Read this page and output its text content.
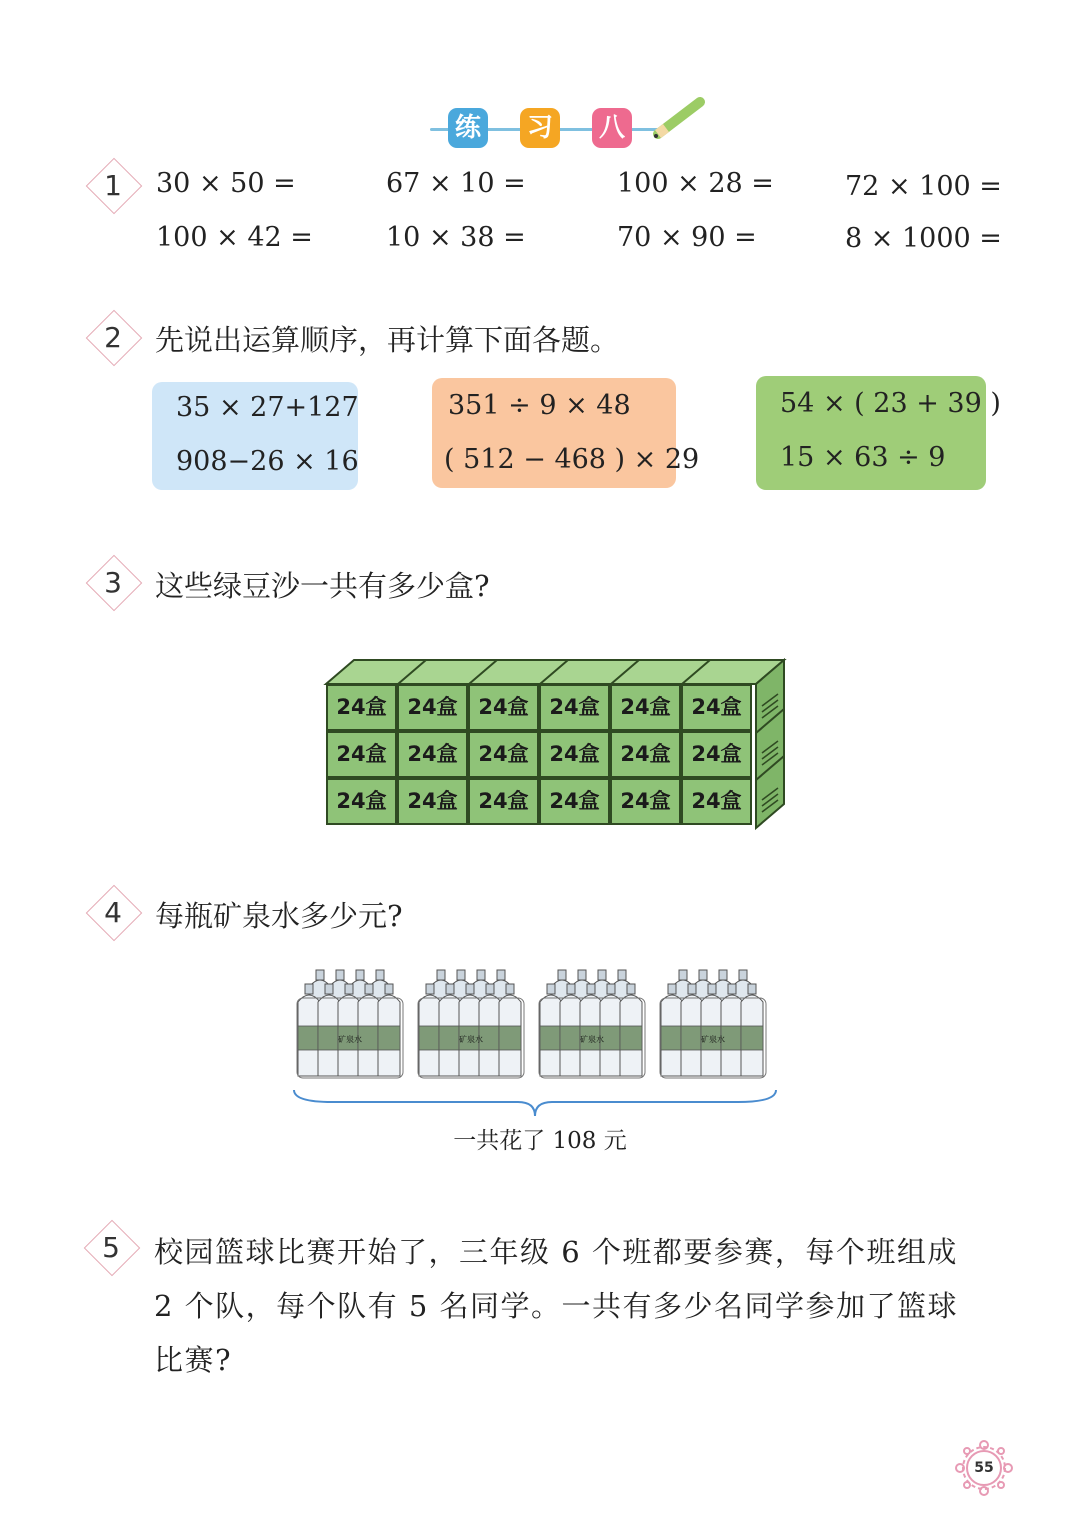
练 习 八
1	30 × 50 =	67 × 10 =	100 × 28 =	72 × 100 =
100 × 42 =	10 × 38 =	70 × 90 =	8 × 1000 =
2	先说出运算顺序，再计算下面各题。
35 × 27+127
908−26 × 16
351 ÷ 9 × 48
( 512 − 468 ) × 29
54 × ( 23 + 39 )
15 × 63 ÷ 9
3	这些绿豆沙一共有多少盒?
24盒 24盒 24盒 24盒 24盒 24盒
24盒 24盒 24盒 24盒 24盒 24盒
24盒 24盒 24盒 24盒 24盒 24盒
4	每瓶矿泉水多少元?
矿泉水	矿泉水	矿泉水	矿泉水
一共花了 108 元
5	校园篮球比赛开始了，三年级 6 个班都要参赛，每个班组成
2 个队，每个队有 5 名同学。一共有多少名同学参加了篮球
比赛?
55
